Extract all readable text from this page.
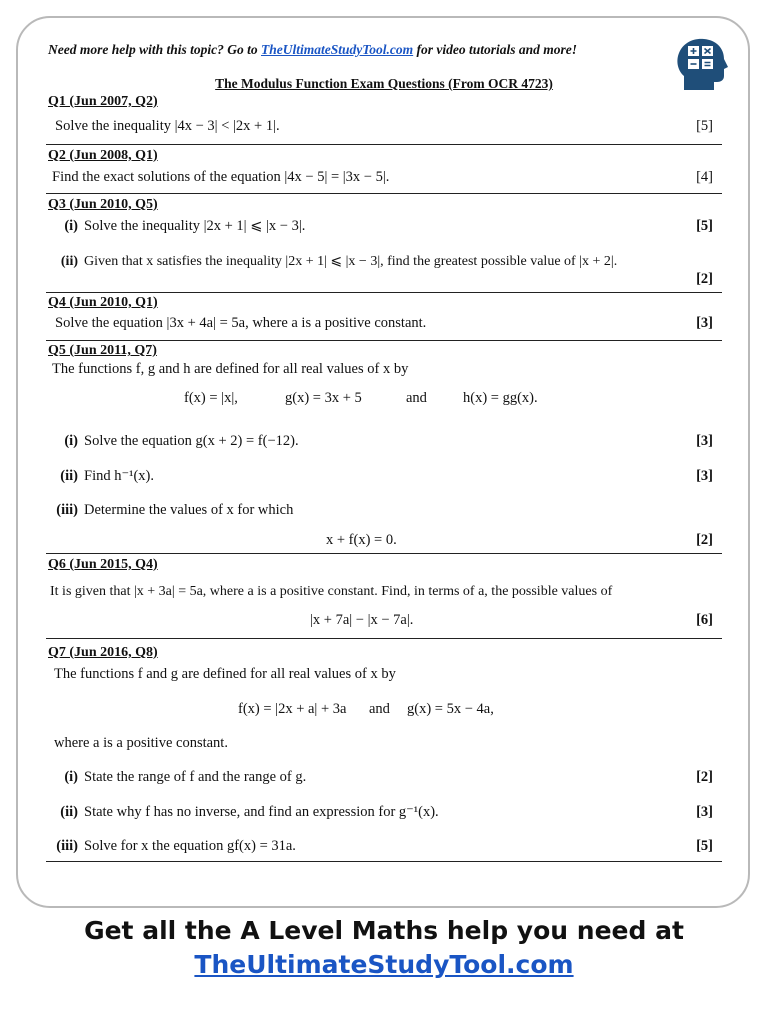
Need more help with this topic? Go to TheUltimateStudyTool.com for video tutorials and more!
The Modulus Function Exam Questions (From OCR 4723)
Q1 (Jun 2007, Q2)
Solve the inequality |4x − 3| < |2x + 1|.	[5]
Q2 (Jun 2008, Q1)
Find the exact solutions of the equation |4x − 5| = |3x − 5|.	[4]
Q3 (Jun 2010, Q5)
(i) Solve the inequality |2x + 1| ⩽ |x − 3|.	[5]
(ii) Given that x satisfies the inequality |2x + 1| ⩽ |x − 3|, find the greatest possible value of |x + 2|.
[2]
Q4 (Jun 2010, Q1)
Solve the equation |3x + 4a| = 5a, where a is a positive constant.	[3]
Q5 (Jun 2011, Q7)
The functions f, g and h are defined for all real values of x by
f(x) = |x|,	g(x) = 3x + 5	and h(x) = gg(x).
(i) Solve the equation g(x + 2) = f(−12).	[3]
(ii) Find h⁻¹(x).	[3]
(iii) Determine the values of x for which
x + f(x) = 0.	[2]
Q6 (Jun 2015, Q4)
It is given that |x + 3a| = 5a, where a is a positive constant. Find, in terms of a, the possible values of
|x + 7a| − |x − 7a|.	[6]
Q7 (Jun 2016, Q8)
The functions f and g are defined for all real values of x by
f(x) = |2x + a| + 3a and g(x) = 5x − 4a,
where a is a positive constant.
(i) State the range of f and the range of g.	[2]
(ii) State why f has no inverse, and find an expression for g⁻¹(x).	[3]
(iii) Solve for x the equation gf(x) = 31a.	[5]
Get all the A Level Maths help you need at
TheUltimateStudyTool.com
